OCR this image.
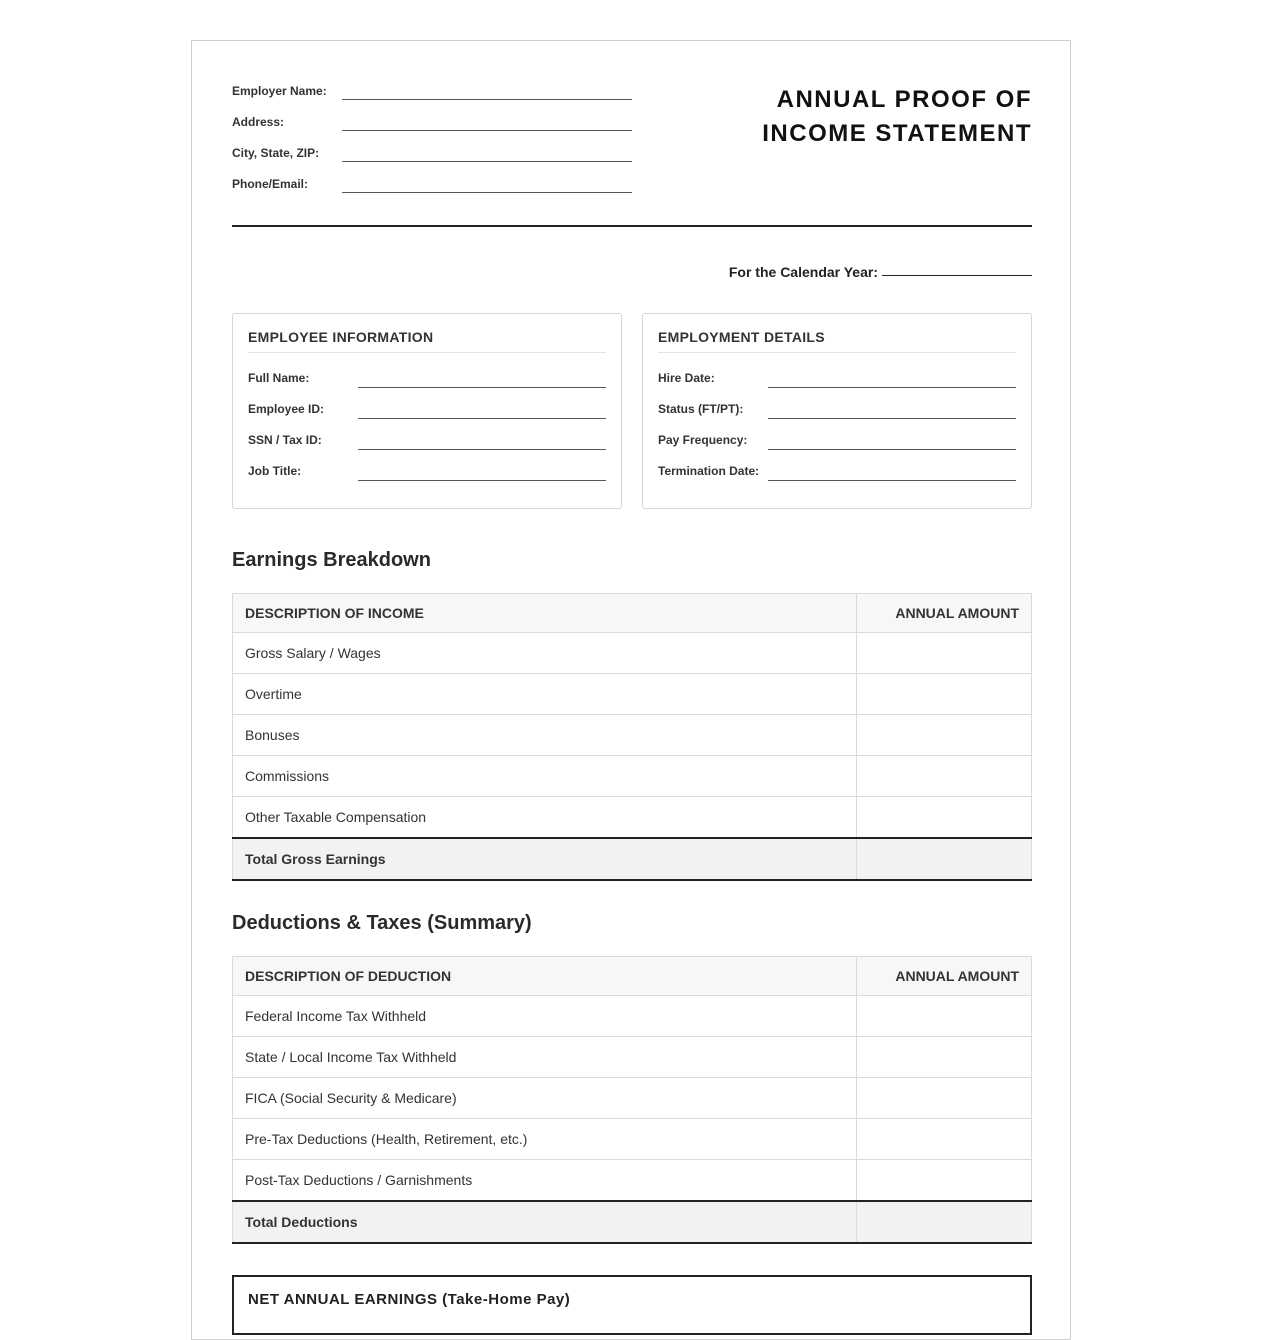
Employer Name:
Address:
City, State, ZIP:
Phone/Email:
ANNUAL PROOF OF
INCOME STATEMENT
For the Calendar Year:
EMPLOYEE INFORMATION
Full Name:
Employee ID:
SSN / Tax ID:
Job Title:
EMPLOYMENT DETAILS
Hire Date:
Status (FT/PT):
Pay Frequency:
Termination Date:
Earnings Breakdown
DESCRIPTION OF INCOME	ANNUAL AMOUNT
Gross Salary / Wages	
Overtime	
Bonuses	
Commissions	
Other Taxable Compensation	
Total Gross Earnings	
Deductions & Taxes (Summary)
DESCRIPTION OF DEDUCTION	ANNUAL AMOUNT
Federal Income Tax Withheld	
State / Local Income Tax Withheld	
FICA (Social Security & Medicare)	
Pre-Tax Deductions (Health, Retirement, etc.)	
Post-Tax Deductions / Garnishments	
Total Deductions	
NET ANNUAL EARNINGS (Take-Home Pay)
